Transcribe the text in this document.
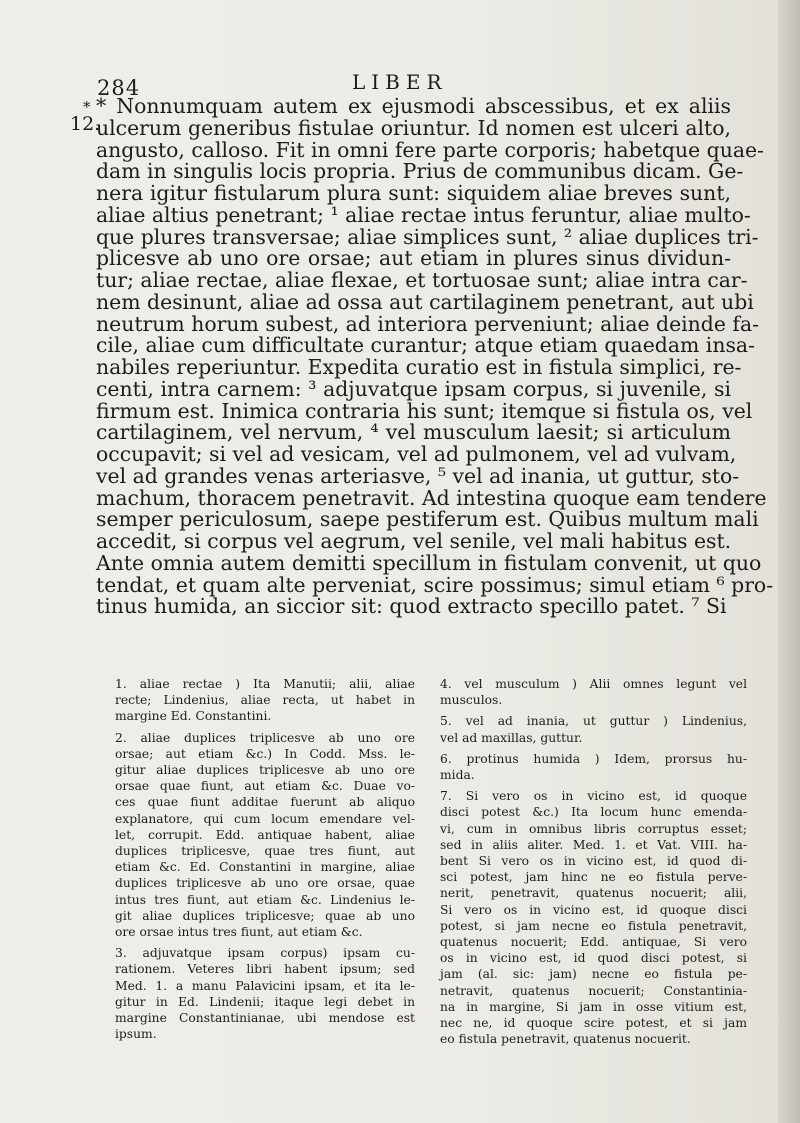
284	LIBER
*
12.
* Nonnumquam autem ex ejusmodi abscessibus, et ex aliis
ulcerum generibus fistulae oriuntur. Id nomen est ulceri alto,
angusto, calloso. Fit in omni fere parte corporis; habetque quae-
dam in singulis locis propria. Prius de communibus dicam. Ge-
nera igitur fistularum plura sunt: siquidem aliae breves sunt,
aliae altius penetrant; ¹ aliae rectae intus feruntur, aliae multo-
que plures transversae; aliae simplices sunt, ² aliae duplices tri-
plicesve ab uno ore orsae; aut etiam in plures sinus dividun-
tur; aliae rectae, aliae flexae, et tortuosae sunt; aliae intra car-
nem desinunt, aliae ad ossa aut cartilaginem penetrant, aut ubi
neutrum horum subest, ad interiora perveniunt; aliae deinde fa-
cile, aliae cum difficultate curantur; atque etiam quaedam insa-
nabiles reperiuntur. Expedita curatio est in fistula simplici, re-
centi, intra carnem: ³ adjuvatque ipsam corpus, si juvenile, si
firmum est. Inimica contraria his sunt; itemque si fistula os, vel
cartilaginem, vel nervum, ⁴ vel musculum laesit; si articulum
occupavit; si vel ad vesicam, vel ad pulmonem, vel ad vulvam,
vel ad grandes venas arteriasve, ⁵ vel ad inania, ut guttur, sto-
machum, thoracem penetravit. Ad intestina quoque eam tendere
semper periculosum, saepe pestiferum est. Quibus multum mali
accedit, si corpus vel aegrum, vel senile, vel mali habitus est.
Ante omnia autem demitti specillum in fistulam convenit, ut quo
tendat, et quam alte perveniat, scire possimus; simul etiam ⁶ pro-
tinus humida, an siccior sit: quod extracto specillo patet. ⁷ Si

1. aliae rectae ) Ita Manutii; alii, aliae
recte; Lindenius, aliae recta, ut habet in
margine Ed. Constantini.

2. aliae duplices triplicesve ab uno ore
orsae; aut etiam &c.) In Codd. Mss. le-
gitur aliae duplices triplicesve ab uno ore
orsae quae fiunt, aut etiam &c. Duae vo-
ces quae fiunt additae fuerunt ab aliquo
explanatore, qui cum locum emendare vel-
let, corrupit. Edd. antiquae habent, aliae
duplices triplicesve, quae tres fiunt, aut
etiam &c. Ed. Constantini in margine, aliae
duplices triplicesve ab uno ore orsae, quae
intus tres fiunt, aut etiam &c. Lindenius le-
git aliae duplices triplicesve; quae ab uno
ore orsae intus tres fiunt, aut etiam &c.

3. adjuvatque ipsam corpus) ipsam cu-
rationem. Veteres libri habent ipsum; sed
Med. 1. a manu Palavicini ipsam, et ita le-
gitur in Ed. Lindenii; itaque legi debet in
margine Constantinianae, ubi mendose est
ipsum.

4. vel musculum ) Alii omnes legunt vel
musculos.

5. vel ad inania, ut guttur ) Lindenius,
vel ad maxillas, guttur.

6. protinus humida ) Idem, prorsus hu-
mida.

7. Si vero os in vicino est, id quoque
disci potest &c.) Ita locum hunc emenda-
vi, cum in omnibus libris corruptus esset;
sed in aliis aliter. Med. 1. et Vat. VIII. ha-
bent Si vero os in vicino est, id quod di-
sci potest, jam hinc ne eo fistula perve-
nerit, penetravit, quatenus nocuerit; alii,
Si vero os in vicino est, id quoque disci
potest, si jam necne eo fistula penetravit,
quatenus nocuerit; Edd. antiquae, Si vero
os in vicino est, id quod disci potest, si
jam (al. sic: jam) necne eo fistula pe-
netravit, quatenus nocuerit; Constantinia-
na in margine, Si jam in osse vitium est,
nec ne, id quoque scire potest, et si jam
eo fistula penetravit, quatenus nocuerit.
